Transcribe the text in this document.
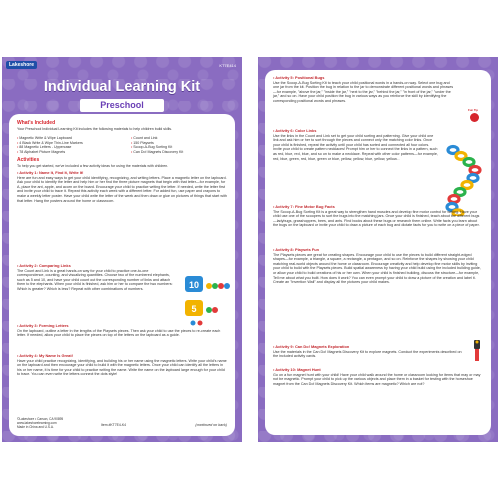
Lakeshore	KT7E414
Individual Learning Kit
Preschool
What's Included
Your Preschool Individual Learning Kit includes the following materials to help children build skills.
• Magnetic Write & Wipe Lapboard
• 4 Black Write & Wipe Thin-Line Markers
• 88 Magnetic Letters - Uppercase
• 78 Alphabet Picture Magnets
• Count and Link
• 150 Playsets
• Scoop-A-Bug Sorting Kit
• Can Do! Magnets Discovery Kit
Activities
To help you get started, we've included a few activity ideas for using the materials with children.
• Activity 1: Name It, Find It, Write It!
Here are fun and easy ways to get your child identifying, recognizing, and writing letters. Place a magnetic letter on the lapboard. Ask your child to identify the letter and help him or her find the three picture magnets that begin with that letter—for example, for A, place the ant, apple, and acorn on the board. Encourage your child to practice writing the letter. If needed, write the letter first and invite your child to trace it. Repeat this activity each week with a different letter. For added fun, use paper and crayons to make a weekly letter poster. Have your child write the letter of the week and then draw or glue on pictures of things that start with that letter. Hang the posters around the home or classroom.
• Activity 2: Comparing Links
The Count and Link is a great hands-on way for your child to practice one-to-one correspondence, counting, and visualizing quantities. Choose two of the numbered elephants, such as 5 and 10, and have your child count out the corresponding number of links and attach them to the elephants. When your child is finished, ask him or her to compare the two numbers: Which is greater? Which is less? Repeat with other combinations of numbers.	10
5
• Activity 3: Forming Letters
On the lapboard, outline a letter in the lengths of the Playsets pieces. Then ask your child to use the pieces to re-create each letter. If needed, allow your child to place the pieces on top of the letters on the lapboard as a guide.
• Activity 4: My Name Is Great!
Have your child practice recognizing, identifying, and building his or her name using the magnetic letters. Write your child's name on the lapboard and then encourage your child to build it with the magnetic letters. Once your child can identify all the letters in his or her name, it is time for your child to practice writing the name. Write the name on the lapboard large enough for your child to trace. You can even write the letters connect the dots style!
©Lakeshore • Carson, CA 90895
www.lakeshorelearning.com
Made in China and U.S.A.	Item #KT7E4-K4	(continued on back)
• Activity 5: Positional Bugs
Use the Scoop-A-Bug Sorting Kit to teach your child positional words in a hands-on way. Select one bug and one jar from the kit. Position the bug in relation to the jar to demonstrate different positional words and phrases—for example, "above the jar," "inside the jar," "next to the jar," "behind the jar," "in front of the jar," "under the jar," and so on. Have your child position the bug in various ways as you reinforce the skill by identifying the corresponding positional words and phrases.
Fun Tip
• Activity 6: Color Links
Use the links in the Count and Link set to get your child sorting and patterning. Give your child one link and ask him or her to sort through the pieces and connect only the matching color links. Once your child is finished, repeat the activity until your child has sorted and connected all four colors. Invite your child to create pattern necklaces! Prompt him or her to connect the links in a pattern, such as red, blue, red, blue, and so on to make a necklace. Repeat with other color patterns—for example, red, blue, green, red, blue, green or blue, yellow, yellow, blue, yellow, yellow...
• Activity 7: Fine Motor Bug Facts
The Scoop-A-Bug Sorting Kit is a great way to strengthen hand muscles and develop fine motor control for writing. Have your child use one of the scoopers to sort the bugs into the matching jars. Once your child is finished, teach about the different bugs—ladybugs, grasshoppers, bees, and ants. Find books about these bugs or research them online. Write facts you learn about the bugs on the lapboard or invite your child to draw a picture of each bug and dictate facts for you to write on a piece of paper.
• Activity 8: Playsets Fun
The Playsets pieces are great for creating shapes. Encourage your child to use the pieces to build different straight-edged shapes—for example, a triangle, a square, a rectangle, a pentagon, and so on. Reinforce the shapes by showing your child matching real-world objects around the home or classroom. Encourage creativity and help develop fine motor skills by inviting your child to build with the Playsets pieces. Build spatial awareness by having your child build using the included building guide, or allow your child to build creations of his or her own. When your child is finished building, discuss the structure—for example, Tell me about what you built. How does it work? You can even prompt your child to draw a picture of the creation and label it. Create an "invention Wall" and display all the pictures your child makes.
• Activity 9: Can Do! Magnets Exploration
Use the materials in the Can Do! Magnets Discovery Kit to explore magnets. Conduct the experiments described on the included activity cards.
• Activity 10: Magnet Hunt
Go on a fun magnet hunt with your child! Have your child walk around the home or classroom looking for items that may or may not be magnetic. Prompt your child to pick up the various objects and place them in a basket for testing with the horseshoe magnet from the Can Do! Magnets Discovery Kit. Which items are magnetic? Which are not?
